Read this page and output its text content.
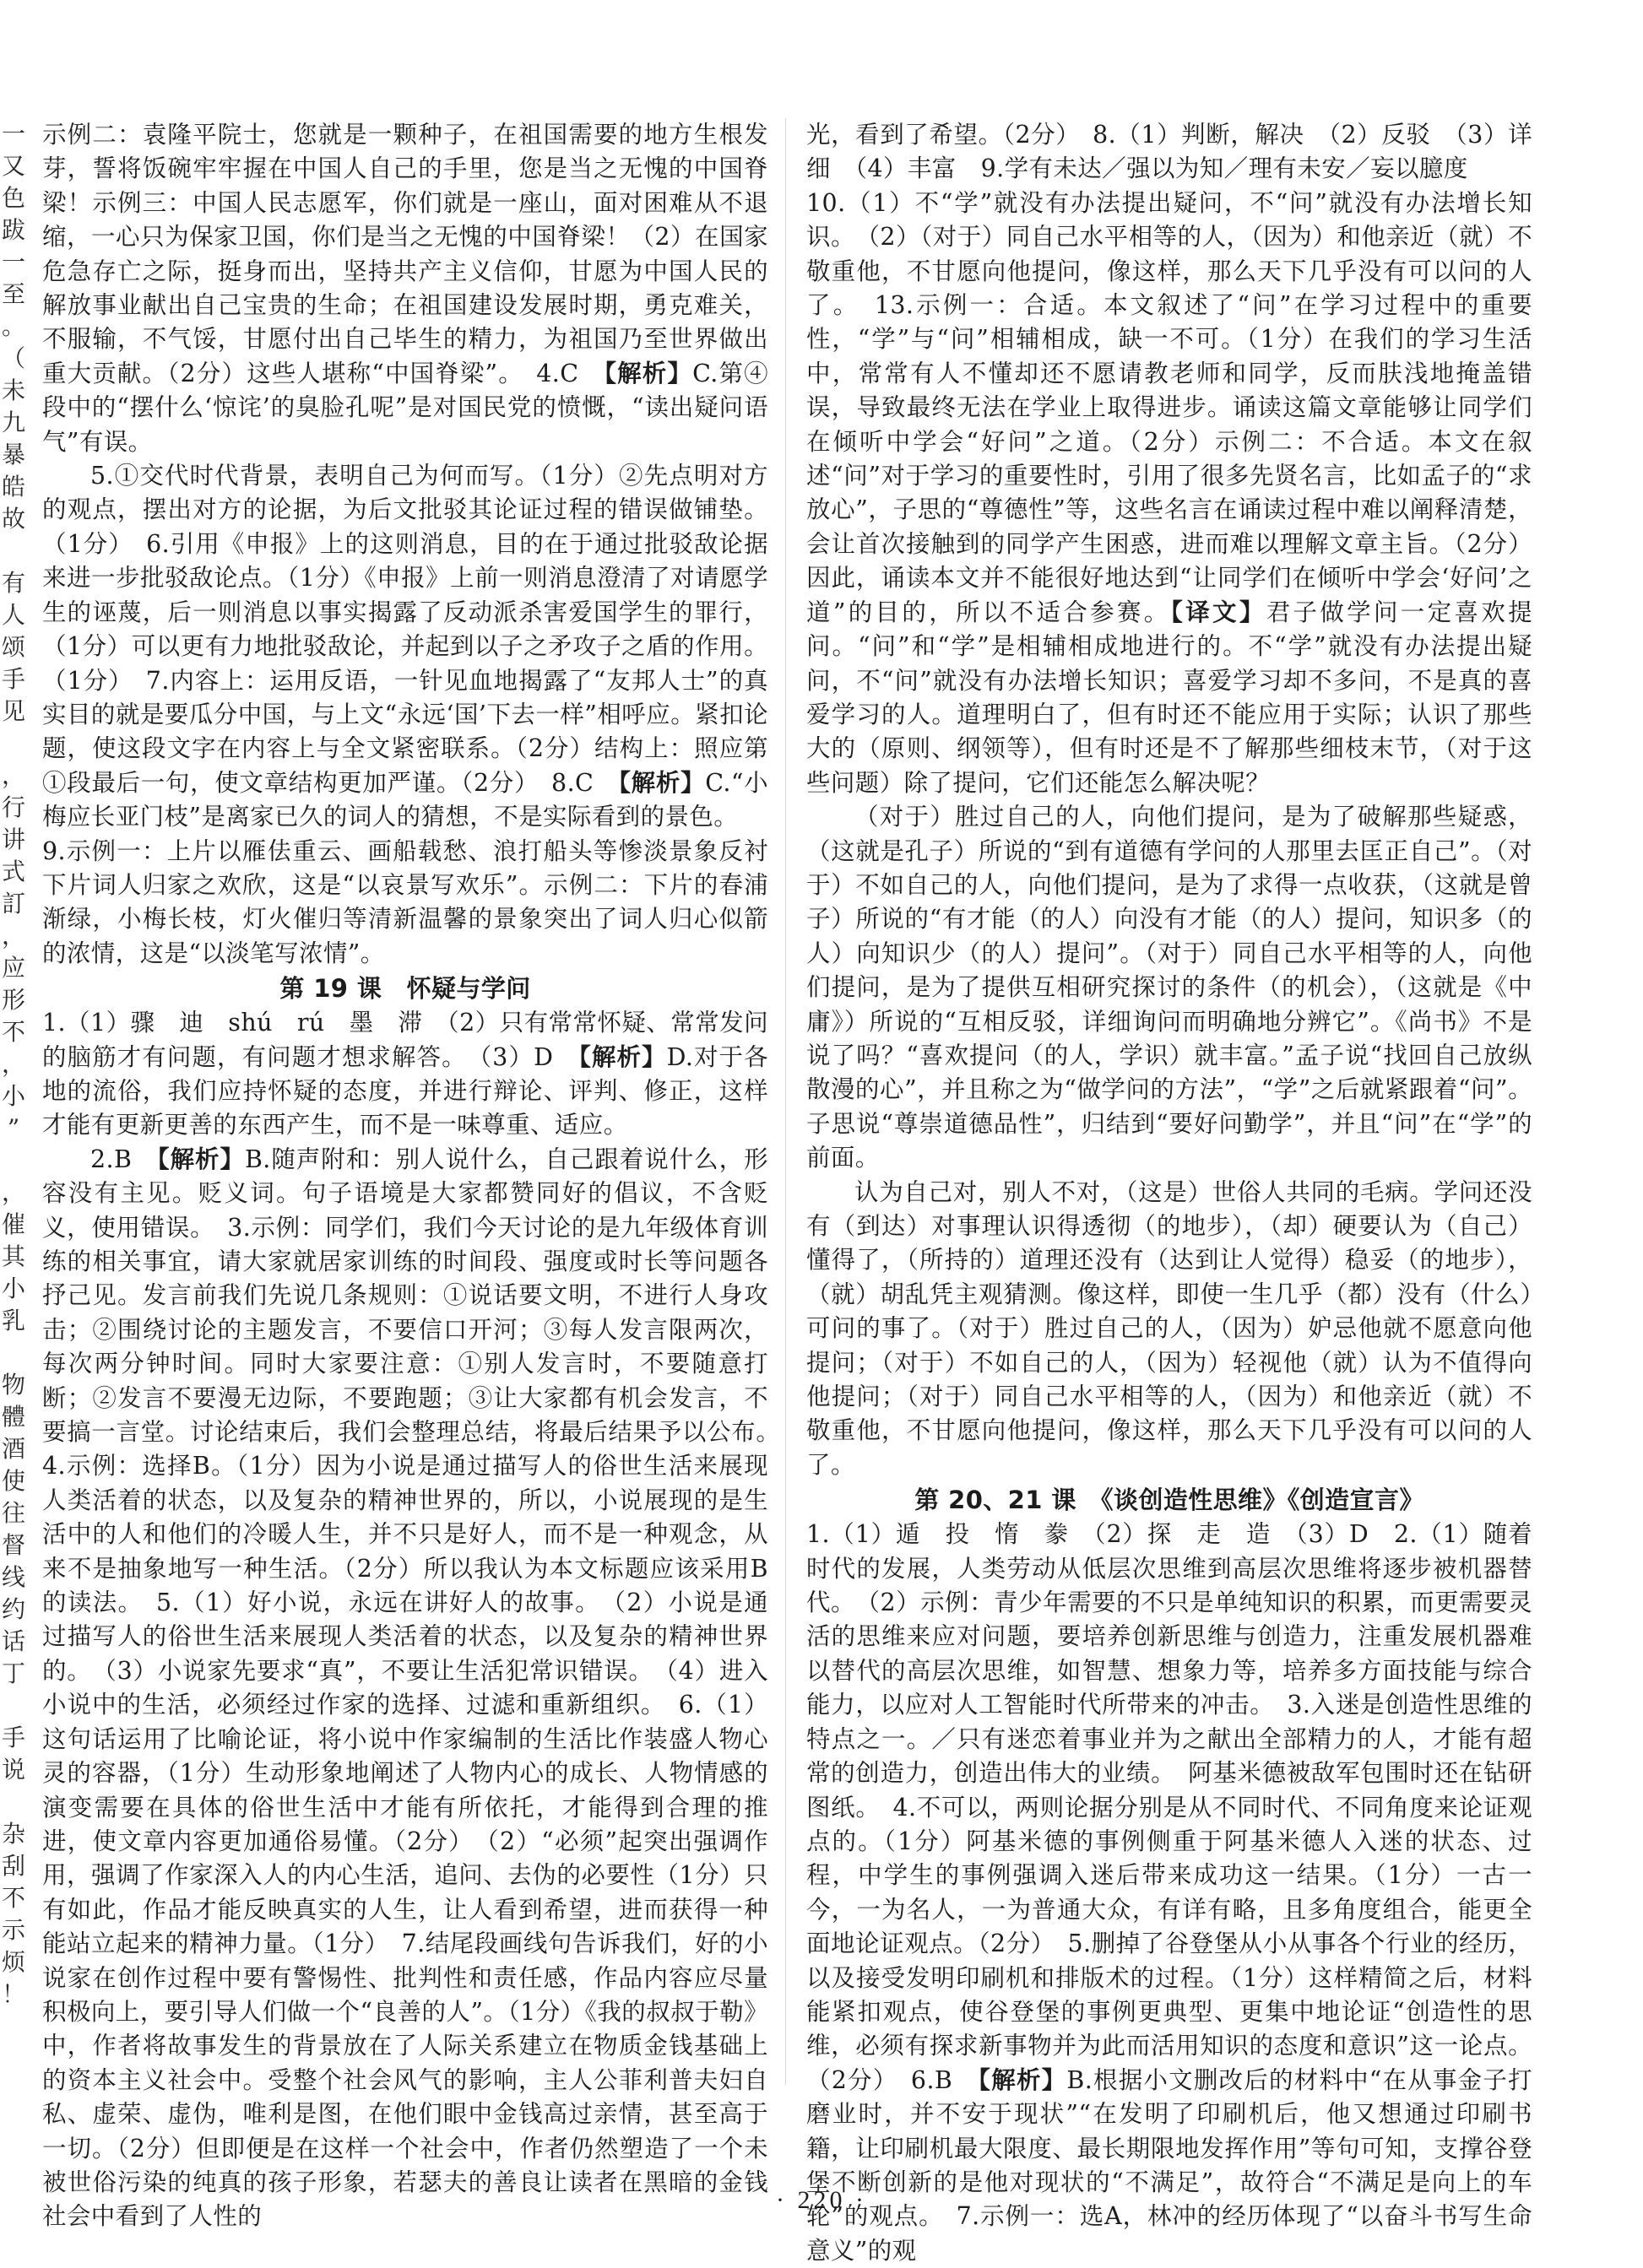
一
又
色
跋
一
至
。
（
未
九
暴
皓
故

有
人
颂
手
见

，
行
讲
式
訂
，
应
形
不
，
小
”

，
催
其
小
乳

物
體
酒
使
往
督
线
约
话
丁

手
说

杂
刮
不
示
烦
！

示例二：袁隆平院士，您就是一颗种子，在祖国需要的地方生根发芽，誓将饭碗牢牢握在中国人自己的手里，您是当之无愧的中国脊梁！示例三：中国人民志愿军，你们就是一座山，面对困难从不退缩，一心只为保家卫国，你们是当之无愧的中国脊梁！（2）在国家危急存亡之际，挺身而出，坚持共产主义信仰，甘愿为中国人民的解放事业献出自己宝贵的生命；在祖国建设发展时期，勇克难关，不服输，不气馁，甘愿付出自己毕生的精力，为祖国乃至世界做出重大贡献。（2分）这些人堪称“中国脊梁”。　4.C　【解析】C.第④段中的“摆什么‘惊诧’的臭脸孔呢”是对国民党的愤慨，“读出疑问语气”有误。

5.①交代时代背景，表明自己为何而写。（1分）②先点明对方的观点，摆出对方的论据，为后文批驳其论证过程的错误做铺垫。（1分）　6.引用《申报》上的这则消息，目的在于通过批驳敌论据来进一步批驳敌论点。（1分）《申报》上前一则消息澄清了对请愿学生的诬蔑，后一则消息以事实揭露了反动派杀害爱国学生的罪行，（1分）可以更有力地批驳敌论，并起到以子之矛攻子之盾的作用。（1分）　7.内容上：运用反语，一针见血地揭露了“友邦人士”的真实目的就是要瓜分中国，与上文“永远‘国’下去一样”相呼应。紧扣论题，使这段文字在内容上与全文紧密联系。（2分）结构上：照应第①段最后一句，使文章结构更加严谨。（2分）　8.C　【解析】C.“小梅应长亚门枝”是离家已久的词人的猜想，不是实际看到的景色。

9.示例一：上片以雁佉重云、画船载愁、浪打船头等惨淡景象反衬下片词人归家之欢欣，这是“以哀景写欢乐”。示例二：下片的春浦渐绿，小梅长枝，灯火催归等清新温馨的景象突出了词人归心似箭的浓情，这是“以淡笔写浓情”。

第 19 课　怀疑与学问

1.（1）骤　迪　shú　rú　墨　滞　（2）只有常常怀疑、常常发问的脑筋才有问题，有问题才想求解答。　（3）D　【解析】D.对于各地的流俗，我们应持怀疑的态度，并进行辩论、评判、修正，这样才能有更新更善的东西产生，而不是一味尊重、适应。

2.B　【解析】B.随声附和：别人说什么，自己跟着说什么，形容没有主见。贬义词。句子语境是大家都赞同好的倡议，不含贬义，使用错误。　3.示例：同学们，我们今天讨论的是九年级体育训练的相关事宜，请大家就居家训练的时间段、强度或时长等问题各抒己见。发言前我们先说几条规则：①说话要文明，不进行人身攻击；②围绕讨论的主题发言，不要信口开河；③每人发言限两次，每次两分钟时间。同时大家要注意：①别人发言时，不要随意打断；②发言不要漫无边际，不要跑题；③让大家都有机会发言，不要搞一言堂。讨论结束后，我们会整理总结，将最后结果予以公布。　4.示例：选择B。（1分）因为小说是通过描写人的俗世生活来展现人类活着的状态，以及复杂的精神世界的，所以，小说展现的是生活中的人和他们的冷暖人生，并不只是好人，而不是一种观念，从来不是抽象地写一种生活。（2分）所以我认为本文标题应该采用B的读法。　5.（1）好小说，永远在讲好人的故事。　（2）小说是通过描写人的俗世生活来展现人类活着的状态，以及复杂的精神世界的。　（3）小说家先要求“真”，不要让生活犯常识错误。　（4）进入小说中的生活，必须经过作家的选择、过滤和重新组织。　6.（1）这句话运用了比喻论证，将小说中作家编制的生活比作装盛人物心灵的容器，（1分）生动形象地阐述了人物内心的成长、人物情感的演变需要在具体的俗世生活中才能有所依托，才能得到合理的推进，使文章内容更加通俗易懂。（2分）　（2）“必须”起突出强调作用，强调了作家深入人的内心生活，追问、去伪的必要性（1分）只有如此，作品才能反映真实的人生，让人看到希望，进而获得一种能站立起来的精神力量。（1分）　7.结尾段画线句告诉我们，好的小说家在创作过程中要有警惕性、批判性和责任感，作品内容应尽量积极向上，要引导人们做一个“良善的人”。（1分）《我的叔叔于勒》中，作者将故事发生的背景放在了人际关系建立在物质金钱基础上的资本主义社会中。受整个社会风气的影响，主人公菲利普夫妇自私、虚荣、虚伪，唯利是图，在他们眼中金钱高过亲情，甚至高于一切。（2分）但即便是在这样一个社会中，作者仍然塑造了一个未被世俗污染的纯真的孩子形象，若瑟夫的善良让读者在黑暗的金钱社会中看到了人性的

光，看到了希望。（2分）　8.（1）判断，解决　（2）反驳　（3）详细　（4）丰富　9.学有未达／强以为知／理有未安／妄以臆度

10.（1）不“学”就没有办法提出疑问，不“问”就没有办法增长知识。　（2）（对于）同自己水平相等的人，（因为）和他亲近（就）不敬重他，不甘愿向他提问，像这样，那么天下几乎没有可以问的人了。　13.示例一：合适。本文叙述了“问”在学习过程中的重要性，“学”与“问”相辅相成，缺一不可。（1分）在我们的学习生活中，常常有人不懂却还不愿请教老师和同学，反而肤浅地掩盖错误，导致最终无法在学业上取得进步。诵读这篇文章能够让同学们在倾听中学会“好问”之道。（2分）示例二：不合适。本文在叙述“问”对于学习的重要性时，引用了很多先贤名言，比如孟子的“求放心”，子思的“尊德性”等，这些名言在诵读过程中难以阐释清楚，会让首次接触到的同学产生困惑，进而难以理解文章主旨。（2分）因此，诵读本文并不能很好地达到“让同学们在倾听中学会‘好问’之道”的目的，所以不适合参赛。【译文】君子做学问一定喜欢提问。“问”和“学”是相辅相成地进行的。不“学”就没有办法提出疑问，不“问”就没有办法增长知识；喜爱学习却不多问，不是真的喜爱学习的人。道理明白了，但有时还不能应用于实际；认识了那些大的（原则、纲领等），但有时还是不了解那些细枝末节，（对于这些问题）除了提问，它们还能怎么解决呢？

（对于）胜过自己的人，向他们提问，是为了破解那些疑惑，（这就是孔子）所说的“到有道德有学问的人那里去匡正自己”。（对于）不如自己的人，向他们提问，是为了求得一点收获，（这就是曾子）所说的“有才能（的人）向没有才能（的人）提问，知识多（的人）向知识少（的人）提问”。（对于）同自己水平相等的人，向他们提问，是为了提供互相研究探讨的条件（的机会），（这就是《中庸》）所说的“互相反驳，详细询问而明确地分辨它”。《尚书》不是说了吗？“喜欢提问（的人，学识）就丰富。”孟子说“找回自己放纵散漫的心”，并且称之为“做学问的方法”，“学”之后就紧跟着“问”。子思说“尊崇道德品性”，归结到“要好问勤学”，并且“问”在“学”的前面。

认为自己对，别人不对，（这是）世俗人共同的毛病。学问还没有（到达）对事理认识得透彻（的地步），（却）硬要认为（自己）懂得了，（所持的）道理还没有（达到让人觉得）稳妥（的地步），（就）胡乱凭主观猜测。像这样，即使一生几乎（都）没有（什么）可问的事了。（对于）胜过自己的人，（因为）妒忌他就不愿意向他提问；（对于）不如自己的人，（因为）轻视他（就）认为不值得向他提问；（对于）同自己水平相等的人，（因为）和他亲近（就）不敬重他，不甘愿向他提问，像这样，那么天下几乎没有可以问的人了。

第 20、21 课　《谈创造性思维》《创造宣言》

1.（1）遁　投　惰　豢　（2）探　走　造　（3）D　2.（1）随着时代的发展，人类劳动从低层次思维到高层次思维将逐步被机器替代。　（2）示例：青少年需要的不只是单纯知识的积累，而更需要灵活的思维来应对问题，要培养创新思维与创造力，注重发展机器难以替代的高层次思维，如智慧、想象力等，培养多方面技能与综合能力，以应对人工智能时代所带来的冲击。　3.入迷是创造性思维的特点之一。／只有迷恋着事业并为之献出全部精力的人，才能有超常的创造力，创造出伟大的业绩。　阿基米德被敌军包围时还在钻研图纸。　4.不可以，两则论据分别是从不同时代、不同角度来论证观点的。（1分）阿基米德的事例侧重于阿基米德人入迷的状态、过程，中学生的事例强调入迷后带来成功这一结果。（1分）一古一今，一为名人，一为普通大众，有详有略，且多角度组合，能更全面地论证观点。（2分）　5.删掉了谷登堡从小从事各个行业的经历，以及接受发明印刷机和排版术的过程。（1分）这样精简之后，材料能紧扣观点，使谷登堡的事例更典型、更集中地论证“创造性的思维，必须有探求新事物并为此而活用知识的态度和意识”这一论点。（2分）　6.B　【解析】B.根据小文删改后的材料中“在从事金子打磨业时，并不安于现状”“在发明了印刷机后，他又想通过印刷书籍，让印刷机最大限度、最长期限地发挥作用”等句可知，支撑谷登堡不断创新的是他对现状的“不满足”，故符合“不满足是向上的车轮”的观点。　7.示例一：选A，林冲的经历体现了“以奋斗书写生命意义”的观

· 220 ·
